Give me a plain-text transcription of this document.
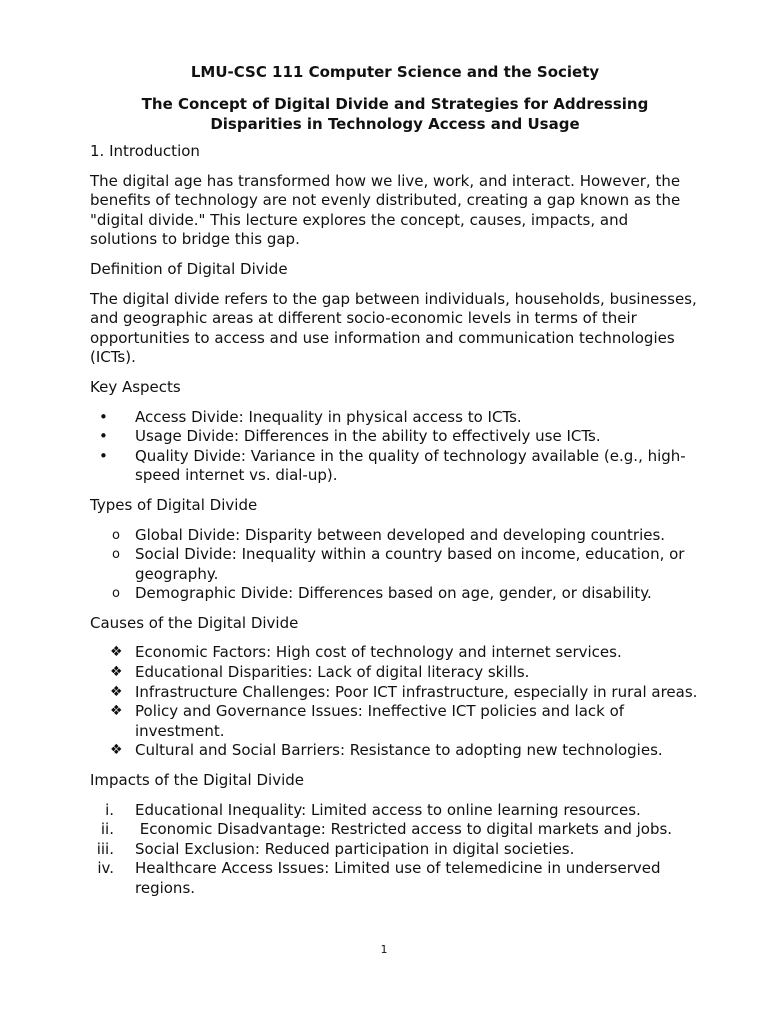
LMU-CSC 111 Computer Science and the Society

The Concept of Digital Divide and Strategies for Addressing

Disparities in Technology Access and Usage

1. Introduction

The digital age has transformed how we live, work, and interact. However, the benefits of technology are not evenly distributed, creating a gap known as the "digital divide." This lecture explores the concept, causes, impacts, and solutions to bridge this gap.

Definition of Digital Divide

The digital divide refers to the gap between individuals, households, businesses, and geographic areas at different socio-economic levels in terms of their opportunities to access and use information and communication technologies (ICTs).

Key Aspects

•	Access Divide: Inequality in physical access to ICTs.
•	Usage Divide: Differences in the ability to effectively use ICTs.
•	Quality Divide: Variance in the quality of technology available (e.g., high-speed internet vs. dial-up).

Types of Digital Divide

o	Global Divide: Disparity between developed and developing countries.
o	Social Divide: Inequality within a country based on income, education, or geography.
o	Demographic Divide: Differences based on age, gender, or disability.

Causes of the Digital Divide

❖ Economic Factors: High cost of technology and internet services.
❖ Educational Disparities: Lack of digital literacy skills.
❖ Infrastructure Challenges: Poor ICT infrastructure, especially in rural areas.
❖ Policy and Governance Issues: Ineffective ICT policies and lack of investment.
❖ Cultural and Social Barriers: Resistance to adopting new technologies.

Impacts of the Digital Divide

i. Educational Inequality: Limited access to online learning resources.
ii. Economic Disadvantage: Restricted access to digital markets and jobs.
iii. Social Exclusion: Reduced participation in digital societies.
iv. Healthcare Access Issues: Limited use of telemedicine in underserved regions.
1
